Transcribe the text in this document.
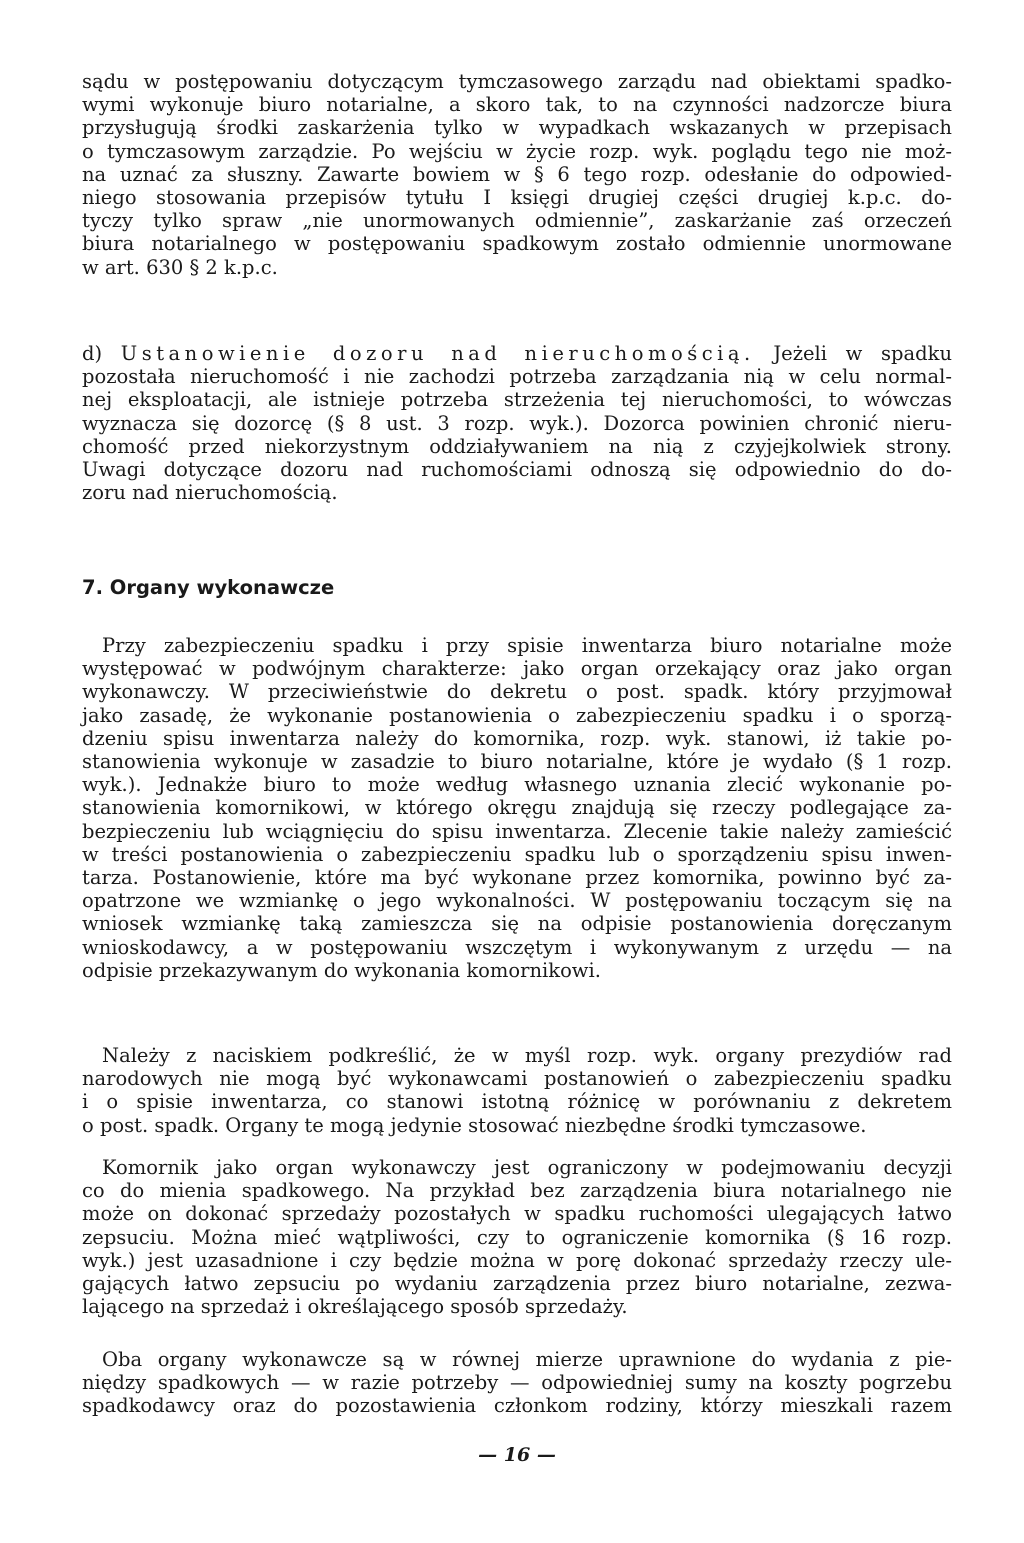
sądu w postępowaniu dotyczącym tymczasowego zarządu nad obiektami spadko-
wymi wykonuje biuro notarialne, a skoro tak, to na czynności nadzorcze biura
przysługują środki zaskarżenia tylko w wypadkach wskazanych w przepisach
o tymczasowym zarządzie. Po wejściu w życie rozp. wyk. poglądu tego nie moż-
na uznać za słuszny. Zawarte bowiem w § 6 tego rozp. odesłanie do odpowied-
niego stosowania przepisów tytułu I księgi drugiej części drugiej k.p.c. do-
tyczy tylko spraw „nie unormowanych odmiennie”, zaskarżanie zaś orzeczeń
biura notarialnego w postępowaniu spadkowym zostało odmiennie unormowane
w art. 630 § 2 k.p.c.
d) Ustanowienie dozoru nad nieruchomością. Jeżeli w spadku
pozostała nieruchomość i nie zachodzi potrzeba zarządzania nią w celu normal-
nej eksploatacji, ale istnieje potrzeba strzeżenia tej nieruchomości, to wówczas
wyznacza się dozorcę (§ 8 ust. 3 rozp. wyk.). Dozorca powinien chronić nieru-
chomość przed niekorzystnym oddziaływaniem na nią z czyjejkolwiek strony.
Uwagi dotyczące dozoru nad ruchomościami odnoszą się odpowiednio do do-
zoru nad nieruchomością.
7. Organy wykonawcze
Przy zabezpieczeniu spadku i przy spisie inwentarza biuro notarialne może
występować w podwójnym charakterze: jako organ orzekający oraz jako organ
wykonawczy. W przeciwieństwie do dekretu o post. spadk. który przyjmował
jako zasadę, że wykonanie postanowienia o zabezpieczeniu spadku i o sporzą-
dzeniu spisu inwentarza należy do komornika, rozp. wyk. stanowi, iż takie po-
stanowienia wykonuje w zasadzie to biuro notarialne, które je wydało (§ 1 rozp.
wyk.). Jednakże biuro to może według własnego uznania zlecić wykonanie po-
stanowienia komornikowi, w którego okręgu znajdują się rzeczy podlegające za-
bezpieczeniu lub wciągnięciu do spisu inwentarza. Zlecenie takie należy zamieścić
w treści postanowienia o zabezpieczeniu spadku lub o sporządzeniu spisu inwen-
tarza. Postanowienie, które ma być wykonane przez komornika, powinno być za-
opatrzone we wzmiankę o jego wykonalności. W postępowaniu toczącym się na
wniosek wzmiankę taką zamieszcza się na odpisie postanowienia doręczanym
wnioskodawcy, a w postępowaniu wszczętym i wykonywanym z urzędu — na
odpisie przekazywanym do wykonania komornikowi.
Należy z naciskiem podkreślić, że w myśl rozp. wyk. organy prezydiów rad
narodowych nie mogą być wykonawcami postanowień o zabezpieczeniu spadku
i o spisie inwentarza, co stanowi istotną różnicę w porównaniu z dekretem
o post. spadk. Organy te mogą jedynie stosować niezbędne środki tymczasowe.
Komornik jako organ wykonawczy jest ograniczony w podejmowaniu decyzji
co do mienia spadkowego. Na przykład bez zarządzenia biura notarialnego nie
może on dokonać sprzedaży pozostałych w spadku ruchomości ulegających łatwo
zepsuciu. Można mieć wątpliwości, czy to ograniczenie komornika (§ 16 rozp.
wyk.) jest uzasadnione i czy będzie można w porę dokonać sprzedaży rzeczy ule-
gających łatwo zepsuciu po wydaniu zarządzenia przez biuro notarialne, zezwa-
lającego na sprzedaż i określającego sposób sprzedaży.
Oba organy wykonawcze są w równej mierze uprawnione do wydania z pie-
niędzy spadkowych — w razie potrzeby — odpowiedniej sumy na koszty pogrzebu
spadkodawcy oraz do pozostawienia członkom rodziny, którzy mieszkali razem
— 16 —
